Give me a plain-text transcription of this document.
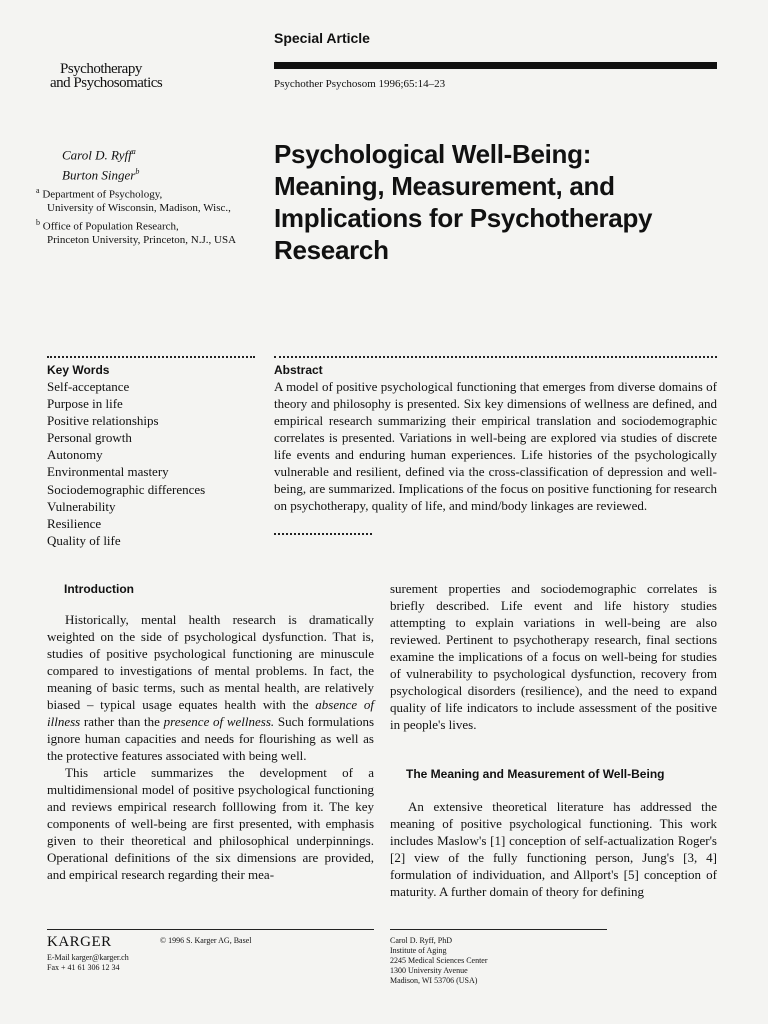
Special Article
Psychotherapy
and Psychosomatics	Psychother Psychosom 1996;65:14–23
Carol D. Ryff$^a$
Burton Singer$^b$
$^a$ Department of Psychology,
University of Wisconsin, Madison, Wisc.,
$^b$ Office of Population Research,
Princeton University, Princeton, N.J., USA
Psychological Well-Being:
Meaning, Measurement, and
Implications for Psychotherapy
Research
Key Words
Self-acceptance
Purpose in life
Positive relationships
Personal growth
Autonomy
Environmental mastery
Sociodemographic differences
Vulnerability
Resilience
Quality of life
Abstract
A model of positive psychological functioning that emerges from diverse domains of theory and philosophy is presented. Six key dimensions of wellness are defined, and empirical research summarizing their empirical translation and sociodemographic correlates is presented. Variations in well-being are explored via studies of discrete life events and enduring human experiences. Life histories of the psychologically vulnerable and resilient, defined via the cross-classification of depression and well-being, are summarized. Implications of the focus on positive functioning for research on psychotherapy, quality of life, and mind/body linkages are reviewed.
Introduction
Historically, mental health research is dramatically weighted on the side of psychological dysfunction. That is, studies of positive psychological functioning are minuscule compared to investigations of mental problems. In fact, the meaning of basic terms, such as mental health, are relatively biased – typical usage equates health with the absence of illness rather than the presence of wellness. Such formulations ignore human capacities and needs for flourishing as well as the protective features associated with being well.
This article summarizes the development of a multidimensional model of positive psychological functioning and reviews empirical research folllowing from it. The key components of well-being are first presented, with emphasis given to their theoretical and philosophical underpinnings. Operational definitions of the six dimensions are provided, and empirical research regarding their mea-
surement properties and sociodemographic correlates is briefly described. Life event and life history studies attempting to explain variations in well-being are also reviewed. Pertinent to psychotherapy research, final sections examine the implications of a focus on well-being for studies of vulnerability to psychological dysfunction, recovery from psychological disorders (resilience), and the need to expand quality of life indicators to include assessment of the positive in people's lives.
The Meaning and Measurement of Well-Being
An extensive theoretical literature has addressed the meaning of positive psychological functioning. This work includes Maslow's [1] conception of self-actualization Roger's [2] view of the fully functioning person, Jung's [3, 4] formulation of individuation, and Allport's [5] conception of maturity. A further domain of theory for defining
KARGER	© 1996 S. Karger AG, Basel
E-Mail karger@karger.ch
Fax + 41 61 306 12 34
Carol D. Ryff, PhD
Institute of Aging
2245 Medical Sciences Center
1300 University Avenue
Madison, WI 53706 (USA)
